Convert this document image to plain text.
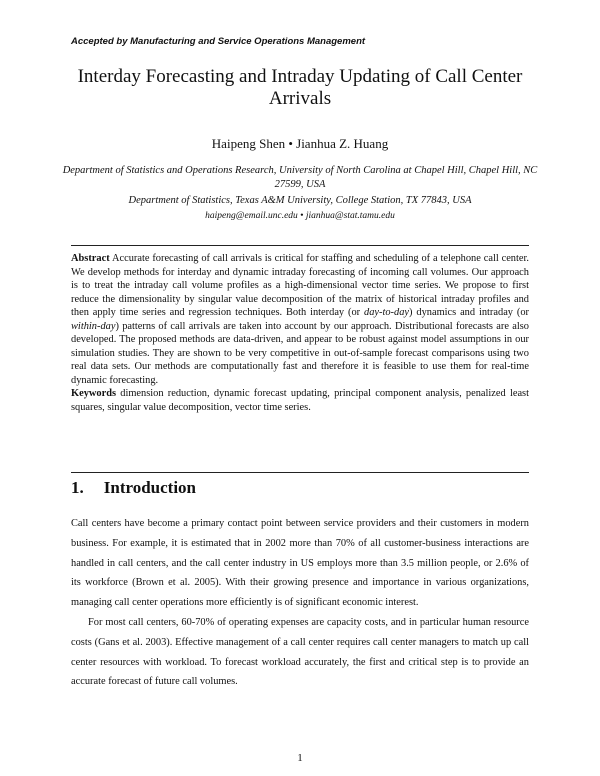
Accepted by Manufacturing and Service Operations Management
Interday Forecasting and Intraday Updating of Call Center Arrivals
Haipeng Shen • Jianhua Z. Huang
Department of Statistics and Operations Research, University of North Carolina at Chapel Hill, Chapel Hill, NC 27599, USA
Department of Statistics, Texas A&M University, College Station, TX 77843, USA
haipeng@email.unc.edu • jianhua@stat.tamu.edu

Abstract Accurate forecasting of call arrivals is critical for staffing and scheduling of a telephone call center. We develop methods for interday and dynamic intraday forecasting of incoming call volumes. Our approach is to treat the intraday call volume profiles as a high-dimensional vector time series. We propose to first reduce the dimensionality by singular value decomposition of the matrix of historical intraday profiles and then apply time series and regression techniques. Both interday (or day-to-day) dynamics and intraday (or within-day) patterns of call arrivals are taken into account by our approach. Distributional forecasts are also developed. The proposed methods are data-driven, and appear to be robust against model assumptions in our simulation studies. They are shown to be very competitive in out-of-sample forecast comparisons using two real data sets. Our methods are computationally fast and therefore it is feasible to use them for real-time dynamic forecasting.

Keywords dimension reduction, dynamic forecast updating, principal component analysis, penalized least squares, singular value decomposition, vector time series.

1. Introduction

Call centers have become a primary contact point between service providers and their customers in modern business. For example, it is estimated that in 2002 more than 70% of all customer-business interactions are handled in call centers, and the call center industry in US employs more than 3.5 million people, or 2.6% of its workforce (Brown et al. 2005). With their growing presence and importance in various organizations, managing call center operations more efficiently is of significant economic interest.

For most call centers, 60-70% of operating expenses are capacity costs, and in particular human resource costs (Gans et al. 2003). Effective management of a call center requires call center managers to match up call center resources with workload. To forecast workload accurately, the first and critical step is to provide an accurate forecast of future call volumes.

1
